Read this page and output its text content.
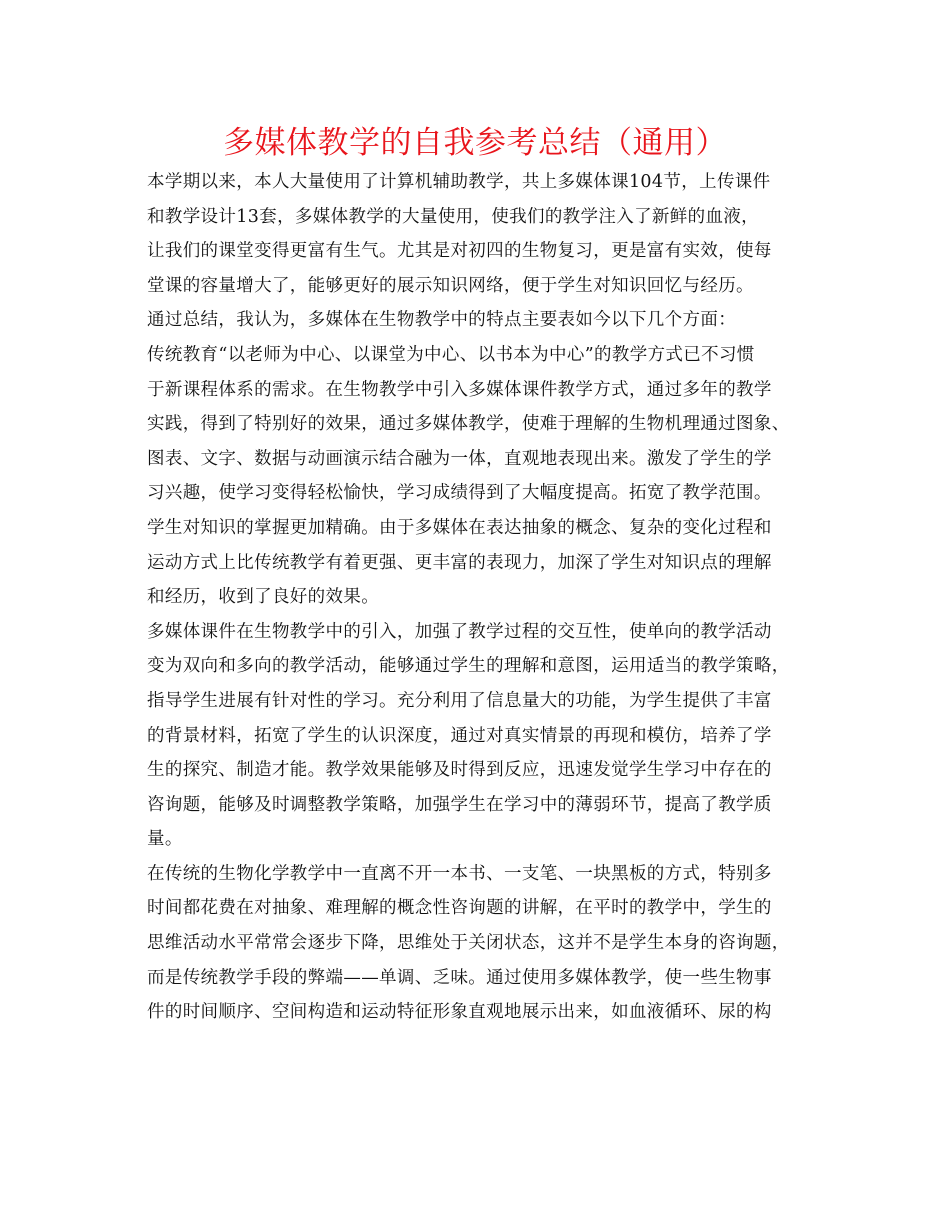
多媒体教学的自我参考总结（通用）
本学期以来，本人大量使用了计算机辅助教学，共上多媒体课104节，上传课件
和教学设计13套，多媒体教学的大量使用，使我们的教学注入了新鲜的血液，
让我们的课堂变得更富有生气。尤其是对初四的生物复习，更是富有实效，使每
堂课的容量增大了，能够更好的展示知识网络，便于学生对知识回忆与经历。
通过总结，我认为，多媒体在生物教学中的特点主要表如今以下几个方面：
传统教育“以老师为中心、以课堂为中心、以书本为中心”的教学方式已不习惯
于新课程体系的需求。在生物教学中引入多媒体课件教学方式，通过多年的教学
实践，得到了特别好的效果，通过多媒体教学，使难于理解的生物机理通过图象、
图表、文字、数据与动画演示结合融为一体，直观地表现出来。激发了学生的学
习兴趣，使学习变得轻松愉快，学习成绩得到了大幅度提高。拓宽了教学范围。
学生对知识的掌握更加精确。由于多媒体在表达抽象的概念、复杂的变化过程和
运动方式上比传统教学有着更强、更丰富的表现力，加深了学生对知识点的理解
和经历，收到了良好的效果。
多媒体课件在生物教学中的引入，加强了教学过程的交互性，使单向的教学活动
变为双向和多向的教学活动，能够通过学生的理解和意图，运用适当的教学策略，
指导学生进展有针对性的学习。充分利用了信息量大的功能，为学生提供了丰富
的背景材料，拓宽了学生的认识深度，通过对真实情景的再现和模仿，培养了学
生的探究、制造才能。教学效果能够及时得到反应，迅速发觉学生学习中存在的
咨询题，能够及时调整教学策略，加强学生在学习中的薄弱环节，提高了教学质
量。
在传统的生物化学教学中一直离不开一本书、一支笔、一块黑板的方式，特别多
时间都花费在对抽象、难理解的概念性咨询题的讲解，在平时的教学中，学生的
思维活动水平常常会逐步下降，思维处于关闭状态，这并不是学生本身的咨询题，
而是传统教学手段的弊端——单调、乏味。通过使用多媒体教学，使一些生物事
件的时间顺序、空间构造和运动特征形象直观地展示出来，如血液循环、尿的构
